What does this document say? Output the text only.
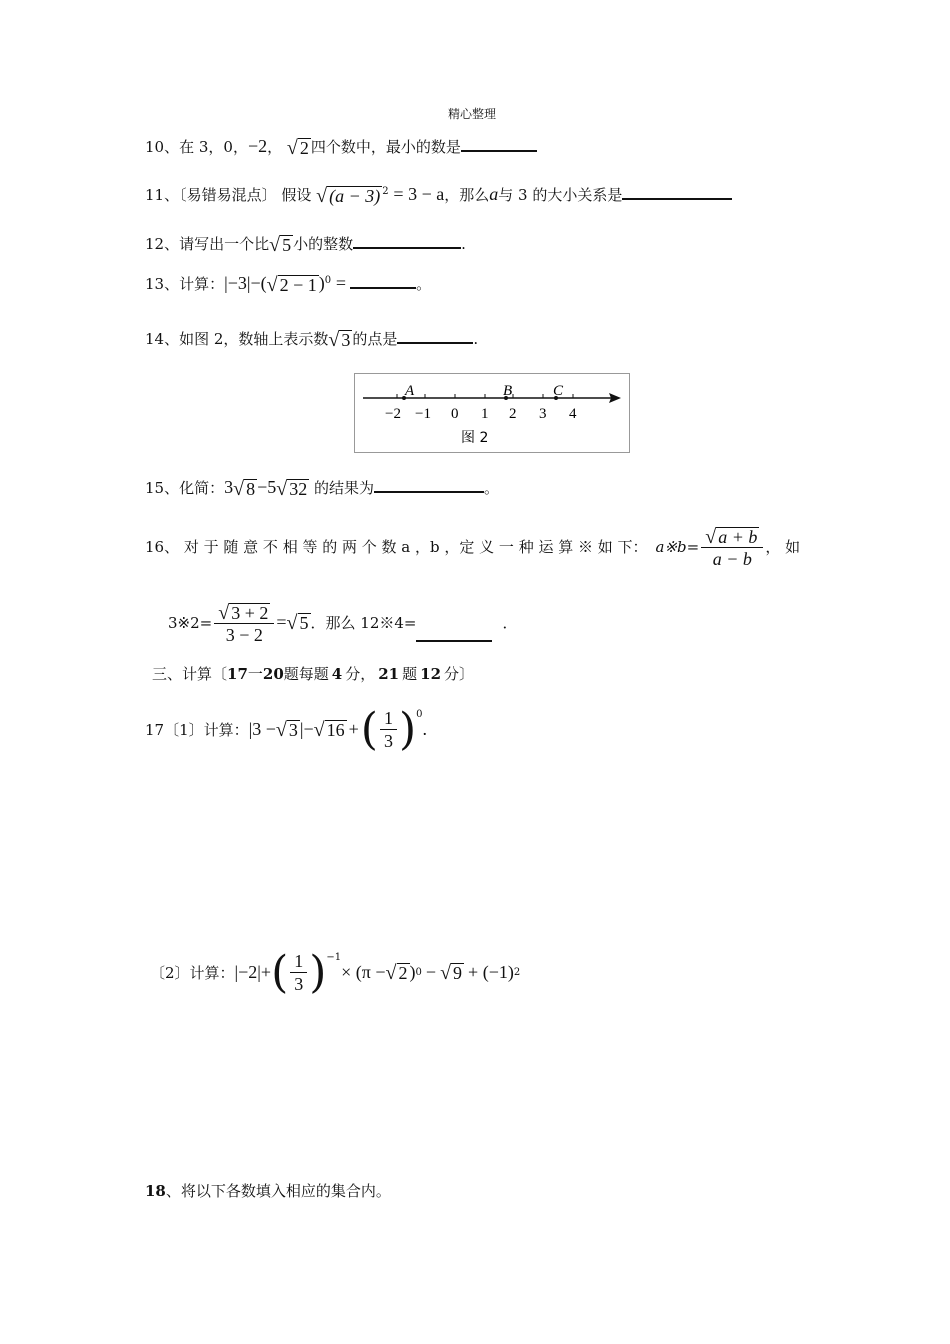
精心整理
10、在 3，0，−2， √ 2 四个数中，最小的数是
11、〔易错易混点〕 假设 √ (a − 3) $^2$ = 3 − a，那么a与 3 的大小关系是
12、请写出一个比 √ 5 小的整数	.
13、计算：|−3|−( √ 2 − 1 )$^0$ =	。
14、如图 2，数轴上表示数 √ 3 的点是	.
A	B	C
−2 −1 0 1 2 3 4
图 2
15、化简：3 √ 8 −5 √ 32 的结果为	。
16、 对 于 随 意 不 相 等 的 两 个 数 a ，b ，定 义 一 种 运 算 ※ 如 下： a※b= $\frac{√ a + b}{a - b}$ ， 如
3※2= $\frac{√ 3 + 2}{3 - 2}$ = √ 5 ．那么 12※4=	．
三、计算〔17一20题每题 4 分， 21 题 12 分〕
17〔1〕计算： |3 − √ 3 |− √ 16 + ( $\frac{1}{3}$ ) 0
.
〔2〕计算： |−2|+ ( $\frac{1}{3}$ ) −1
× (π − √ 2 ) 0 − √ 9 + (−1) 2
18、将以下各数填入相应的集合内。
